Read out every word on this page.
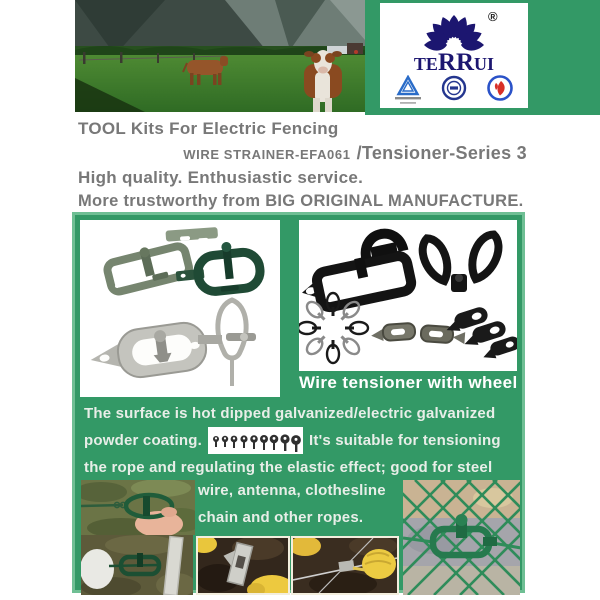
TERRUI
®
TOOL Kits For Electric Fencing
WIRE STRAINER-EFA061 /Tensioner-Series 3
High quality. Enthusiastic service.
More trustworthy from BIG ORIGINAL MANUFACTURE.
Wire tensioner with wheel
The surface is hot dipped galvanized/electric galvanized
powder coating.	It's suitable for tensioning
the rope and regulating the elastic effect; good for steel
wire, antenna, clothesline
chain and other ropes.
